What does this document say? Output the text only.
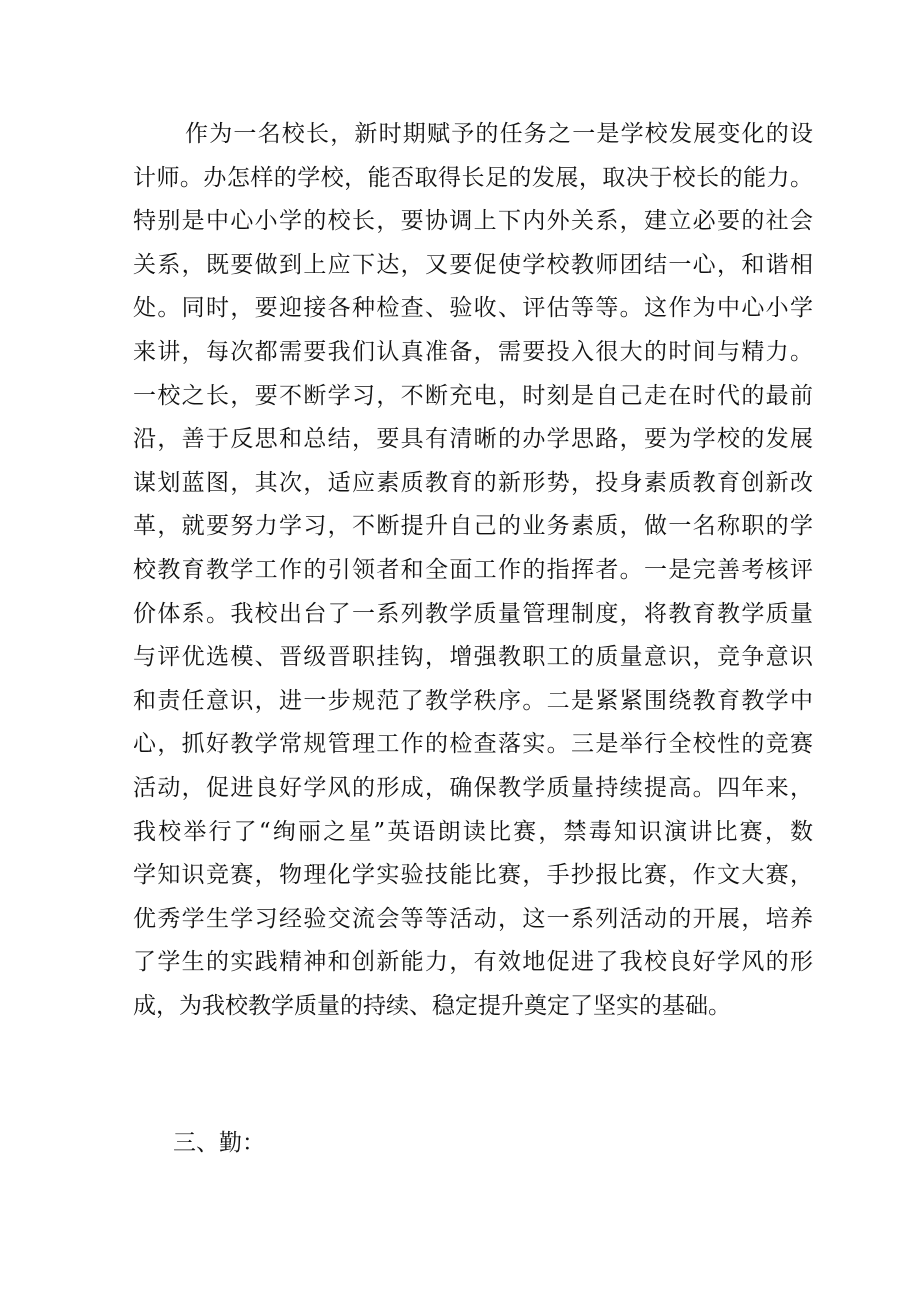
作为一名校长，新时期赋予的任务之一是学校发展变化的设
计师。办怎样的学校，能否取得长足的发展，取决于校长的能力。
特别是中心小学的校长，要协调上下内外关系，建立必要的社会
关系，既要做到上应下达，又要促使学校教师团结一心，和谐相
处。同时，要迎接各种检查、验收、评估等等。这作为中心小学
来讲，每次都需要我们认真准备，需要投入很大的时间与精力。
一校之长，要不断学习，不断充电，时刻是自己走在时代的最前
沿，善于反思和总结，要具有清晰的办学思路，要为学校的发展
谋划蓝图，其次，适应素质教育的新形势，投身素质教育创新改
革，就要努力学习，不断提升自己的业务素质，做一名称职的学
校教育教学工作的引领者和全面工作的指挥者。一是完善考核评
价体系。我校出台了一系列教学质量管理制度，将教育教学质量
与评优选模、晋级晋职挂钩，增强教职工的质量意识，竞争意识
和责任意识，进一步规范了教学秩序。二是紧紧围绕教育教学中
心，抓好教学常规管理工作的检查落实。三是举行全校性的竞赛
活动，促进良好学风的形成，确保教学质量持续提高。四年来，
我校举行了“绚丽之星”英语朗读比赛，禁毒知识演讲比赛，数
学知识竞赛，物理化学实验技能比赛，手抄报比赛，作文大赛，
优秀学生学习经验交流会等等活动，这一系列活动的开展，培养
了学生的实践精神和创新能力，有效地促进了我校良好学风的形
成，为我校教学质量的持续、稳定提升奠定了坚实的基础。
三、勤：
